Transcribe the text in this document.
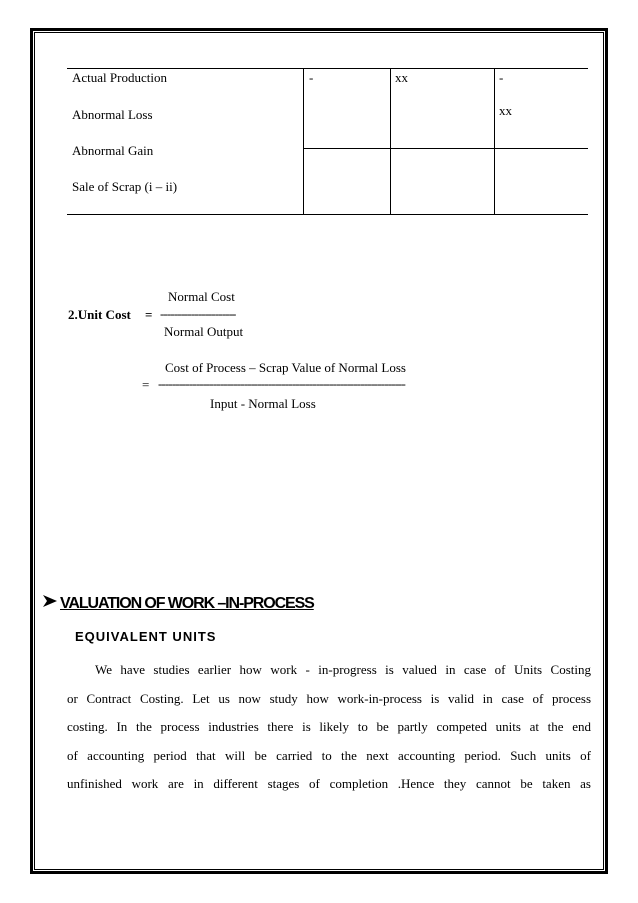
Actual Production
Abnormal Loss
Abnormal Gain
Sale of Scrap (i – ii)
-	xx	-
xx
Normal Cost
2.Unit Cost = ----------------------
Normal Output
Cost of Process – Scrap Value of Normal Loss
= ------------------------------------------------------------------------
Input - Normal Loss
VALUATION OF WORK –IN-PROCESS
EQUIVALENT UNITS
We have studies earlier how work - in-progress is valued in case of Units Costing
or Contract Costing. Let us now study how work-in-process is valid in case of process
costing. In the process industries there is likely to be partly competed units at the end
of accounting period that will be carried to the next accounting period. Such units of
unfinished work are in different stages of completion .Hence they cannot be taken as
